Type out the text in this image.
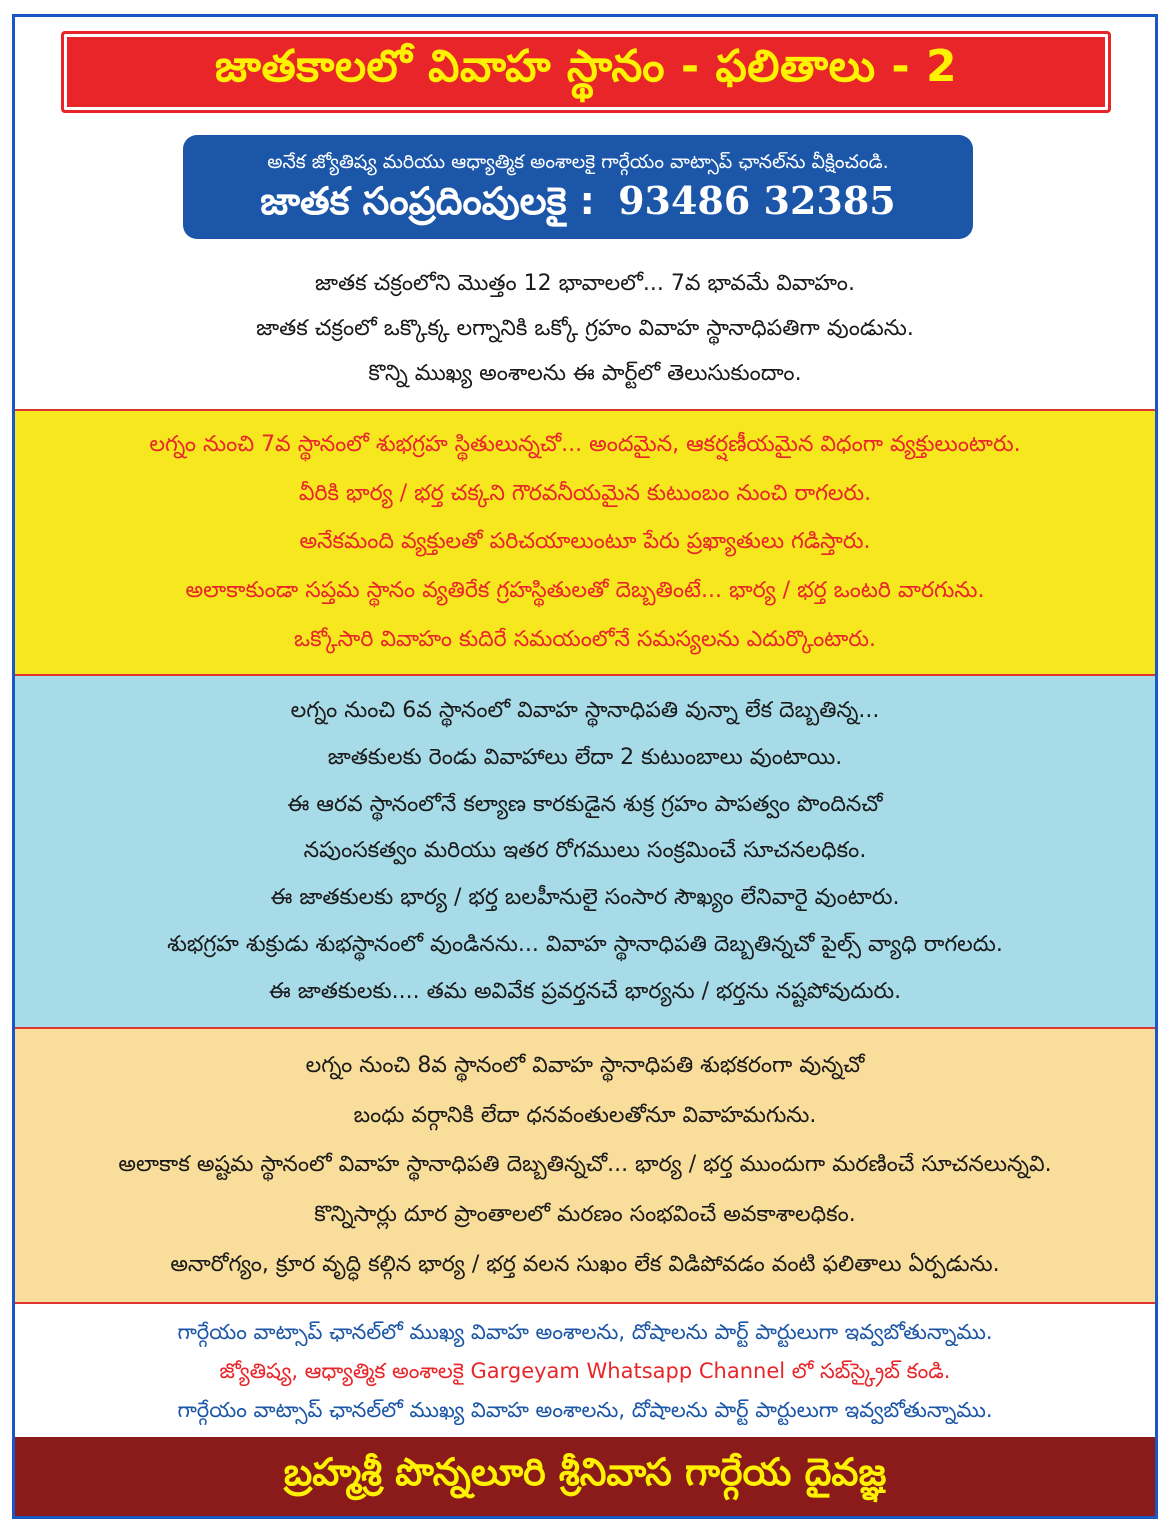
జాతకాలలో వివాహ స్థానం - ఫలితాలు - 2
అనేక జ్యోతిష్య మరియు ఆధ్యాత్మిక అంశాలకై గార్గేయం వాట్సాప్ ఛానల్‌ను వీక్షించండి.
జాతక సంప్రదింపులకై : 93486 32385
జాతక చక్రంలోని మొత్తం 12 భావాలలో... 7వ భావమే వివాహం.
జాతక చక్రంలో ఒక్కొక్క లగ్నానికి ఒక్కో గ్రహం వివాహ స్థానాధిపతిగా వుండును.
కొన్ని ముఖ్య అంశాలను ఈ పార్ట్‌లో తెలుసుకుందాం.
లగ్నం నుంచి 7వ స్థానంలో శుభగ్రహ స్థితులున్నచో... అందమైన, ఆకర్షణీయమైన విధంగా వ్యక్తులుంటారు.
వీరికి భార్య / భర్త చక్కని గౌరవనీయమైన కుటుంబం నుంచి రాగలరు.
అనేకమంది వ్యక్తులతో పరిచయాలుంటూ పేరు ప్రఖ్యాతులు గడిస్తారు.
అలాకాకుండా సప్తమ స్థానం వ్యతిరేక గ్రహస్థితులతో దెబ్బతింటే... భార్య / భర్త ఒంటరి వారగును.
ఒక్కోసారి వివాహం కుదిరే సమయంలోనే సమస్యలను ఎదుర్కొంటారు.
లగ్నం నుంచి 6వ స్థానంలో వివాహ స్థానాధిపతి వున్నా లేక దెబ్బతిన్న...
జాతకులకు రెండు వివాహాలు లేదా 2 కుటుంబాలు వుంటాయి.
ఈ ఆరవ స్థానంలోనే కల్యాణ కారకుడైన శుక్ర గ్రహం పాపత్వం పొందినచో
నపుంసకత్వం మరియు ఇతర రోగములు సంక్రమించే సూచనలధికం.
ఈ జాతకులకు భార్య / భర్త బలహీనులై సంసార సౌఖ్యం లేనివారై వుంటారు.
శుభగ్రహ శుక్రుడు శుభస్థానంలో వుండినను... వివాహ స్థానాధిపతి దెబ్బతిన్నచో పైల్స్ వ్యాధి రాగలదు.
ఈ జాతకులకు.... తమ అవివేక ప్రవర్తనచే భార్యను / భర్తను నష్టపోవుదురు.
లగ్నం నుంచి 8వ స్థానంలో వివాహ స్థానాధిపతి శుభకరంగా వున్నచో
బంధు వర్గానికి లేదా ధనవంతులతోనూ వివాహమగును.
అలాకాక అష్టమ స్థానంలో వివాహ స్థానాధిపతి దెబ్బతిన్నచో... భార్య / భర్త ముందుగా మరణించే సూచనలున్నవి.
కొన్నిసార్లు దూర ప్రాంతాలలో మరణం సంభవించే అవకాశాలధికం.
అనారోగ్యం, క్రూర వృద్ధి కల్గిన భార్య / భర్త వలన సుఖం లేక విడిపోవడం వంటి ఫలితాలు ఏర్పడును.
గార్గేయం వాట్సాప్ ఛానల్‌లో ముఖ్య వివాహ అంశాలను, దోషాలను పార్ట్ పార్టులుగా ఇవ్వబోతున్నాము.
జ్యోతిష్య, ఆధ్యాత్మిక అంశాలకై Gargeyam Whatsapp Channel లో సబ్‌స్క్రైబ్ కండి.
గార్గేయం వాట్సాప్ ఛానల్‌లో ముఖ్య వివాహ అంశాలను, దోషాలను పార్ట్ పార్టులుగా ఇవ్వబోతున్నాము.
బ్రహ్మశ్రీ పొన్నలూరి శ్రీనివాస గార్గేయ దైవజ్ఞ
